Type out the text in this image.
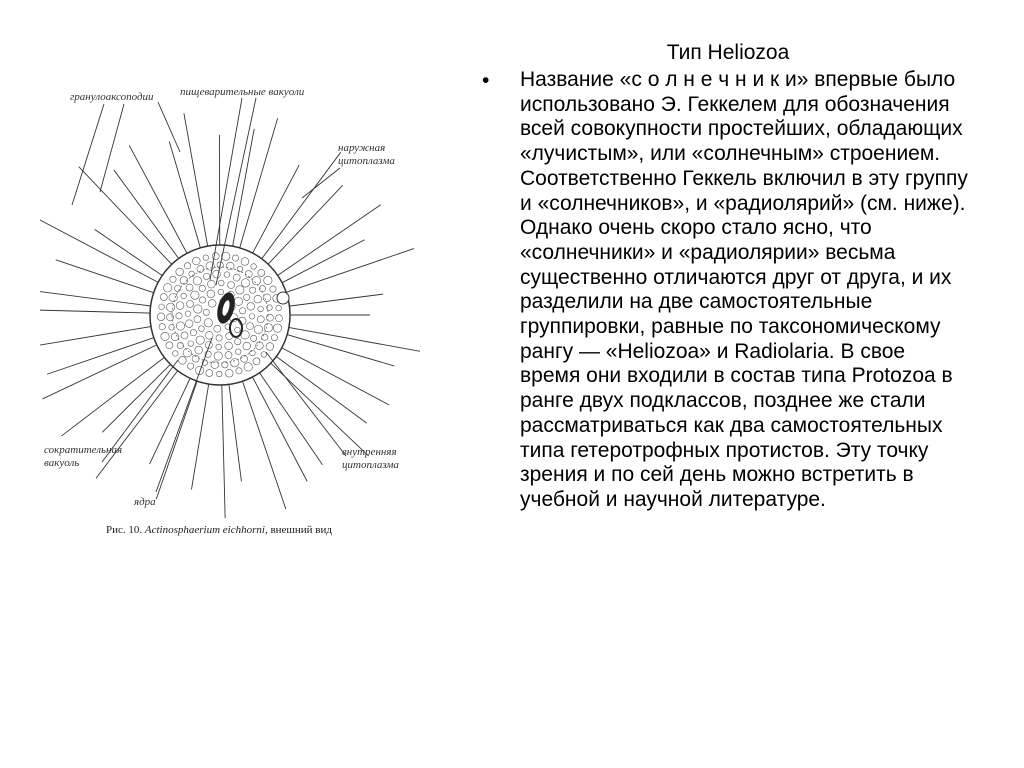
гранулоаксоподии пищеварительные вакуоли
наружная цитоплазма
сократительная вакуоль
ядра
внутренняя цитоплазма
Рис. 10. Actinosphaerium eichhorni, внешний вид
Тип Heliozoa
• Название «с о л н е ч н и к и» впервые было использовано Э. Геккелем для обозначения всей совокупности простейших, обладающих «лучистым», или «солнечным» строением. Соответственно Геккель включил в эту группу и «солнечников», и «радиолярий» (см. ниже). Однако очень скоро стало ясно, что «солнечники» и «радиолярии» весьма существенно отличаются друг от друга, и их разделили на две самостоятельные группировки, равные по таксономическому рангу — «Heliozoa» и Radiolaria. В свое время они входили в состав типа Protozoa в ранге двух подклассов, позднее же стали рассматриваться как два самостоятельных типа гетеротрофных протистов. Эту точку зрения и по сей день можно встретить в учебной и научной литературе.
